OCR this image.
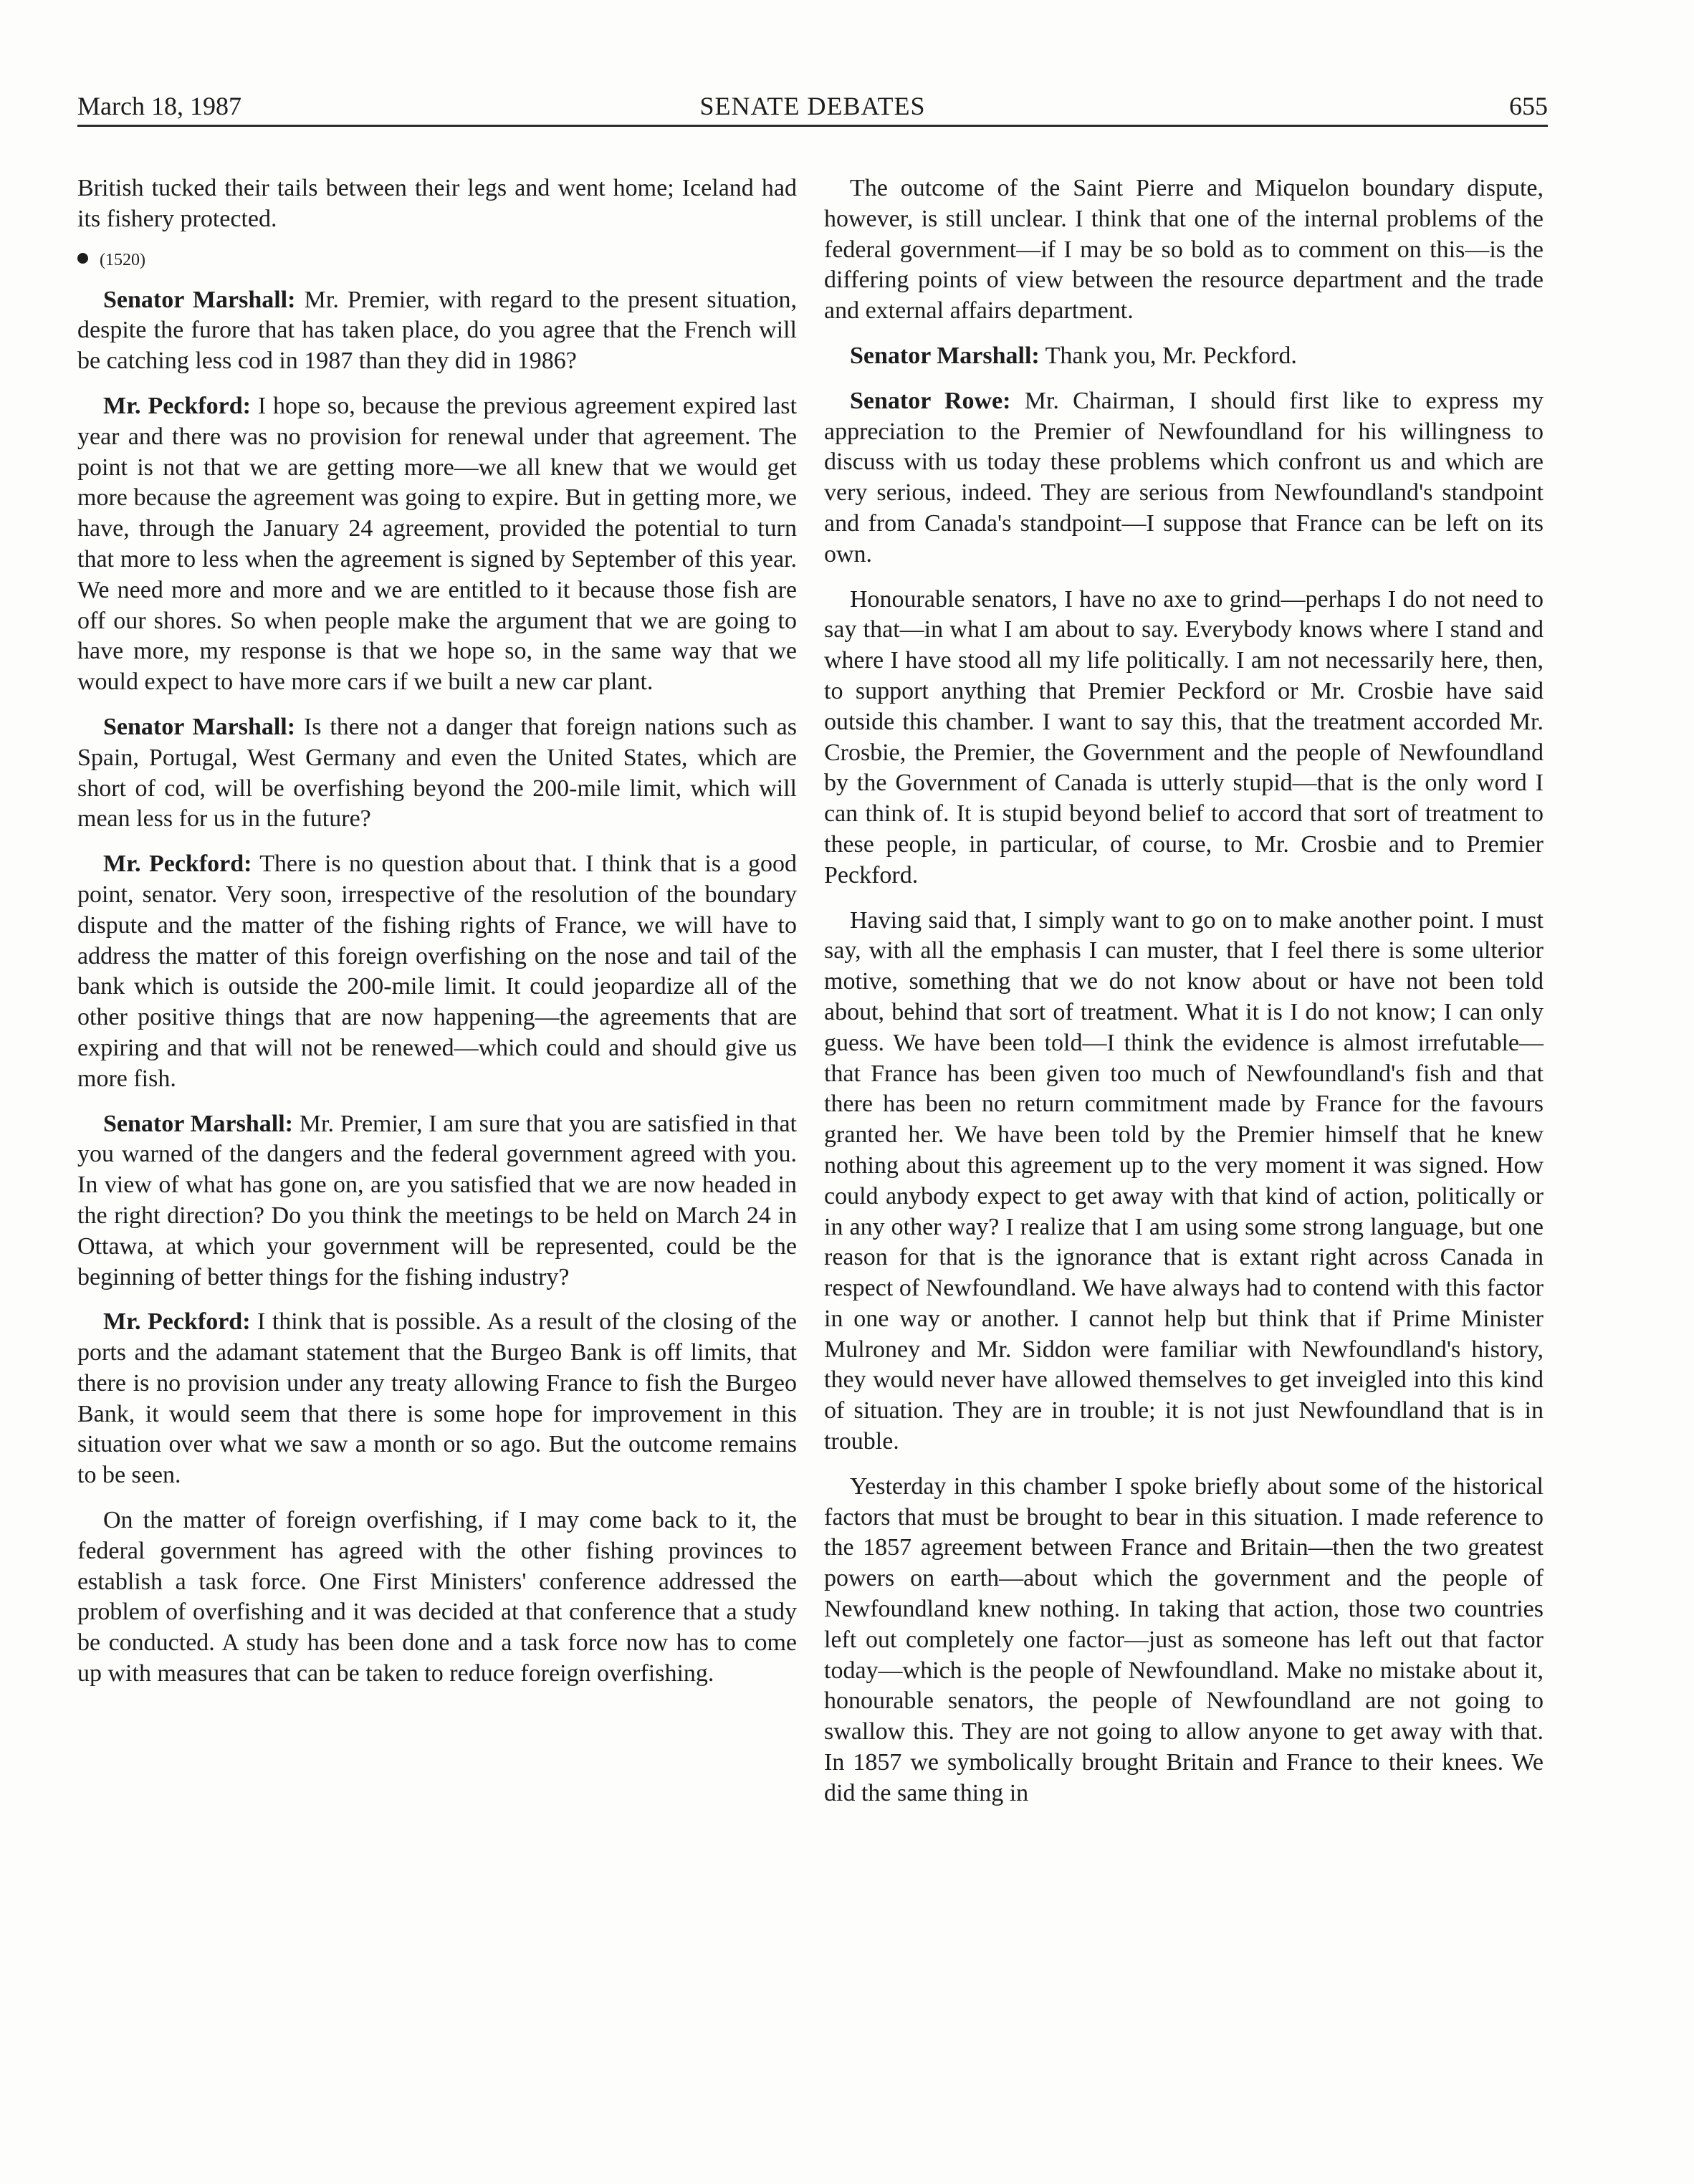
March 18, 1987	SENATE DEBATES	655

British tucked their tails between their legs and went home; Iceland had its fishery protected.

(1520)

Senator Marshall: Mr. Premier, with regard to the present situation, despite the furore that has taken place, do you agree that the French will be catching less cod in 1987 than they did in 1986?

Mr. Peckford: I hope so, because the previous agreement expired last year and there was no provision for renewal under that agreement. The point is not that we are getting more—we all knew that we would get more because the agreement was going to expire. But in getting more, we have, through the January 24 agreement, provided the potential to turn that more to less when the agreement is signed by September of this year. We need more and more and we are entitled to it because those fish are off our shores. So when people make the argument that we are going to have more, my response is that we hope so, in the same way that we would expect to have more cars if we built a new car plant.

Senator Marshall: Is there not a danger that foreign nations such as Spain, Portugal, West Germany and even the United States, which are short of cod, will be overfishing beyond the 200-mile limit, which will mean less for us in the future?

Mr. Peckford: There is no question about that. I think that is a good point, senator. Very soon, irrespective of the resolution of the boundary dispute and the matter of the fishing rights of France, we will have to address the matter of this foreign overfishing on the nose and tail of the bank which is outside the 200-mile limit. It could jeopardize all of the other positive things that are now happening—the agreements that are expiring and that will not be renewed—which could and should give us more fish.

Senator Marshall: Mr. Premier, I am sure that you are satisfied in that you warned of the dangers and the federal government agreed with you. In view of what has gone on, are you satisfied that we are now headed in the right direction? Do you think the meetings to be held on March 24 in Ottawa, at which your government will be represented, could be the beginning of better things for the fishing industry?

Mr. Peckford: I think that is possible. As a result of the closing of the ports and the adamant statement that the Burgeo Bank is off limits, that there is no provision under any treaty allowing France to fish the Burgeo Bank, it would seem that there is some hope for improvement in this situation over what we saw a month or so ago. But the outcome remains to be seen.

On the matter of foreign overfishing, if I may come back to it, the federal government has agreed with the other fishing provinces to establish a task force. One First Ministers' conference addressed the problem of overfishing and it was decided at that conference that a study be conducted. A study has been done and a task force now has to come up with measures that can be taken to reduce foreign overfishing.

The outcome of the Saint Pierre and Miquelon boundary dispute, however, is still unclear. I think that one of the internal problems of the federal government—if I may be so bold as to comment on this—is the differing points of view between the resource department and the trade and external affairs department.

Senator Marshall: Thank you, Mr. Peckford.

Senator Rowe: Mr. Chairman, I should first like to express my appreciation to the Premier of Newfoundland for his willingness to discuss with us today these problems which confront us and which are very serious, indeed. They are serious from Newfoundland's standpoint and from Canada's standpoint—I suppose that France can be left on its own.

Honourable senators, I have no axe to grind—perhaps I do not need to say that—in what I am about to say. Everybody knows where I stand and where I have stood all my life politically. I am not necessarily here, then, to support anything that Premier Peckford or Mr. Crosbie have said outside this chamber. I want to say this, that the treatment accorded Mr. Crosbie, the Premier, the Government and the people of Newfoundland by the Government of Canada is utterly stupid—that is the only word I can think of. It is stupid beyond belief to accord that sort of treatment to these people, in particular, of course, to Mr. Crosbie and to Premier Peckford.

Having said that, I simply want to go on to make another point. I must say, with all the emphasis I can muster, that I feel there is some ulterior motive, something that we do not know about or have not been told about, behind that sort of treatment. What it is I do not know; I can only guess. We have been told—I think the evidence is almost irrefutable—that France has been given too much of Newfoundland's fish and that there has been no return commitment made by France for the favours granted her. We have been told by the Premier himself that he knew nothing about this agreement up to the very moment it was signed. How could anybody expect to get away with that kind of action, politically or in any other way? I realize that I am using some strong language, but one reason for that is the ignorance that is extant right across Canada in respect of Newfoundland. We have always had to contend with this factor in one way or another. I cannot help but think that if Prime Minister Mulroney and Mr. Siddon were familiar with Newfoundland's history, they would never have allowed themselves to get inveigled into this kind of situation. They are in trouble; it is not just Newfoundland that is in trouble.

Yesterday in this chamber I spoke briefly about some of the historical factors that must be brought to bear in this situation. I made reference to the 1857 agreement between France and Britain—then the two greatest powers on earth—about which the government and the people of Newfoundland knew nothing. In taking that action, those two countries left out completely one factor—just as someone has left out that factor today—which is the people of Newfoundland. Make no mistake about it, honourable senators, the people of Newfoundland are not going to swallow this. They are not going to allow anyone to get away with that. In 1857 we symbolically brought Britain and France to their knees. We did the same thing in
